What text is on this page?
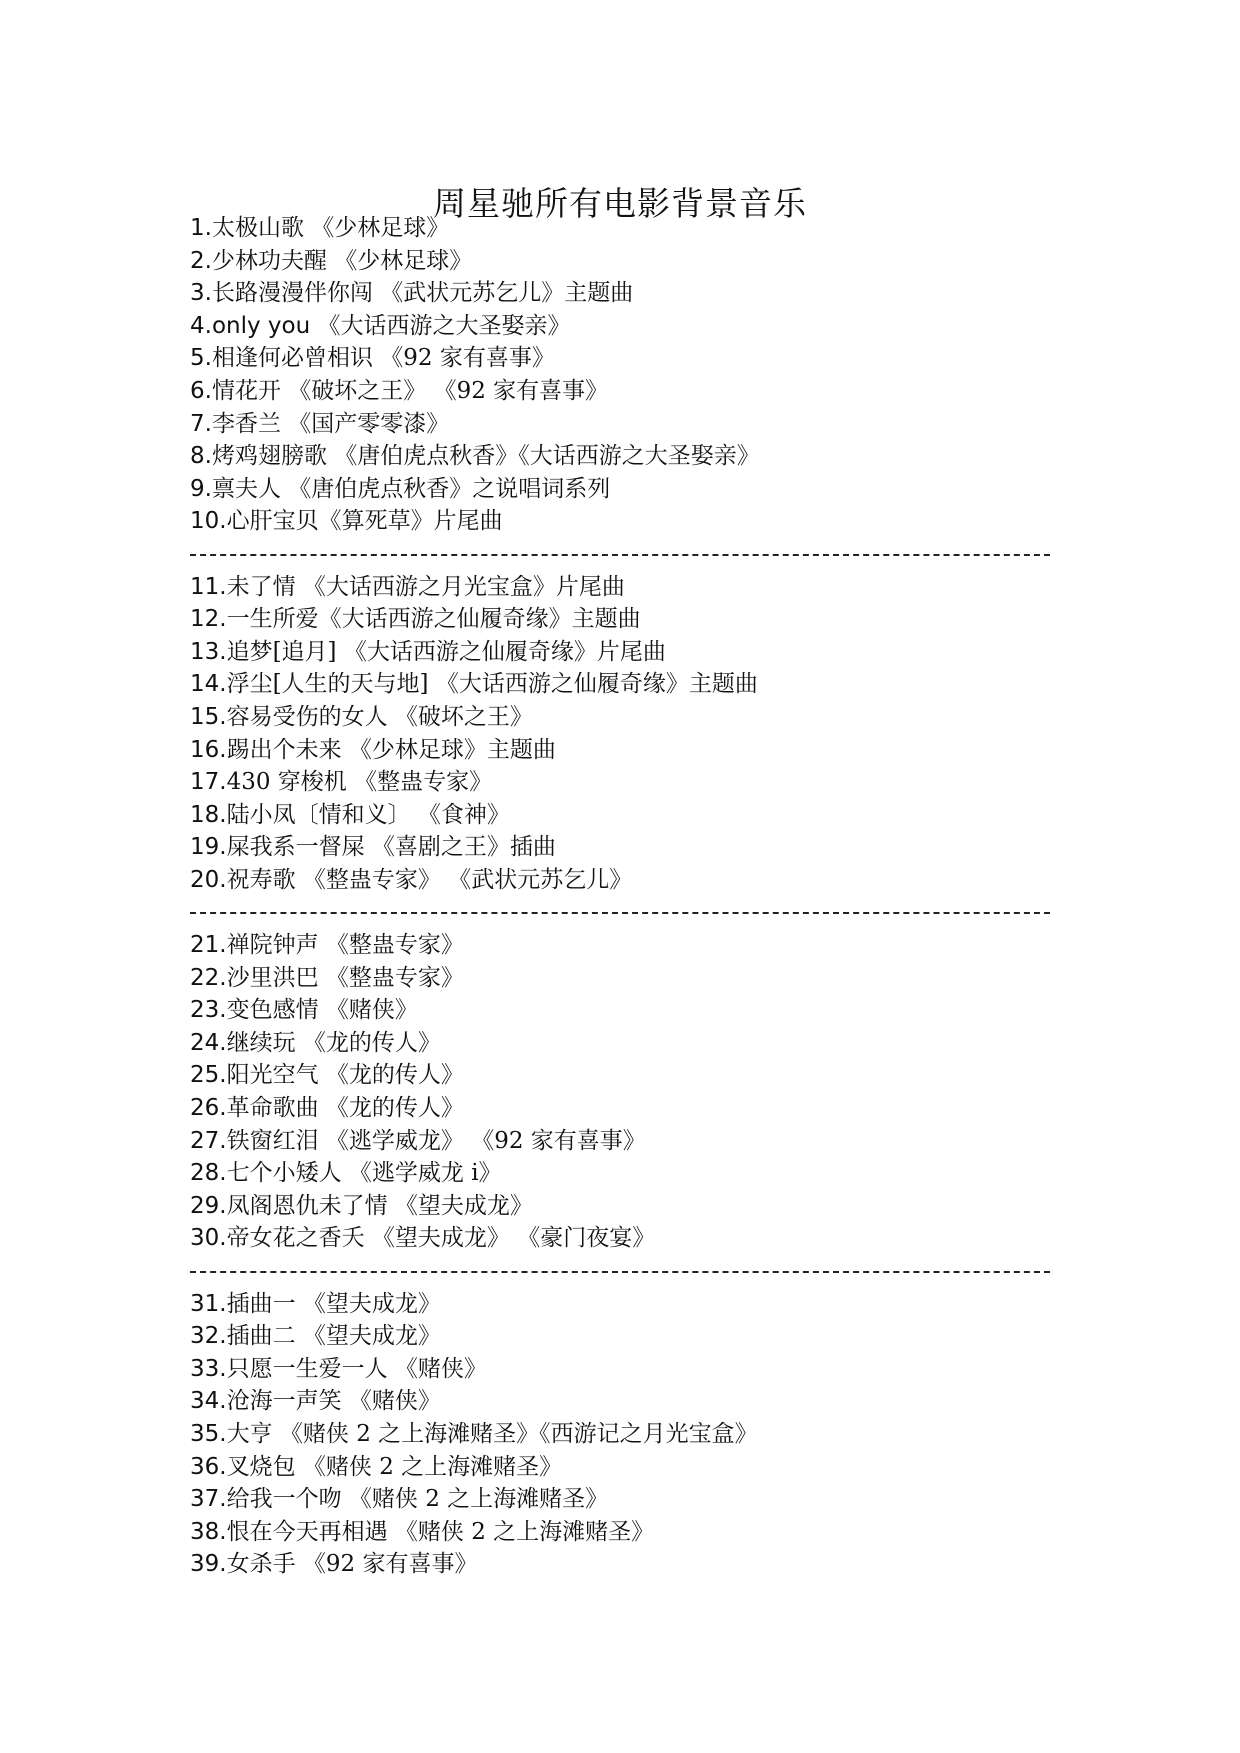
周星驰所有电影背景音乐
1.太极山歌 《少林足球》
2.少林功夫醒 《少林足球》
3.长路漫漫伴你闯 《武状元苏乞儿》主题曲
4.only you 《大话西游之大圣娶亲》
5.相逢何必曾相识 《92 家有喜事》
6.情花开 《破坏之王》 《92 家有喜事》
7.李香兰 《国产零零漆》
8.烤鸡翅膀歌 《唐伯虎点秋香》《大话西游之大圣娶亲》
9.禀夫人 《唐伯虎点秋香》之说唱词系列
10.心肝宝贝《算死草》片尾曲
11.未了情 《大话西游之月光宝盒》片尾曲
12.一生所爱《大话西游之仙履奇缘》主题曲
13.追梦[追月] 《大话西游之仙履奇缘》片尾曲
14.浮尘[人生的天与地] 《大话西游之仙履奇缘》主题曲
15.容易受伤的女人 《破坏之王》
16.踢出个未来 《少林足球》主题曲
17.430 穿梭机 《整蛊专家》
18.陆小凤〔情和义〕 《食神》
19.屎我系一督屎 《喜剧之王》插曲
20.祝寿歌 《整蛊专家》 《武状元苏乞儿》
21.禅院钟声 《整蛊专家》
22.沙里洪巴 《整蛊专家》
23.变色感情 《赌侠》
24.继续玩 《龙的传人》
25.阳光空气 《龙的传人》
26.革命歌曲 《龙的传人》
27.铁窗红泪 《逃学威龙》 《92 家有喜事》
28.七个小矮人 《逃学威龙 i》
29.凤阁恩仇未了情 《望夫成龙》
30.帝女花之香夭 《望夫成龙》 《豪门夜宴》
31.插曲一 《望夫成龙》
32.插曲二 《望夫成龙》
33.只愿一生爱一人 《赌侠》
34.沧海一声笑 《赌侠》
35.大亨 《赌侠 2 之上海滩赌圣》《西游记之月光宝盒》
36.叉烧包 《赌侠 2 之上海滩赌圣》
37.给我一个吻 《赌侠 2 之上海滩赌圣》
38.恨在今天再相遇 《赌侠 2 之上海滩赌圣》
39.女杀手 《92 家有喜事》
